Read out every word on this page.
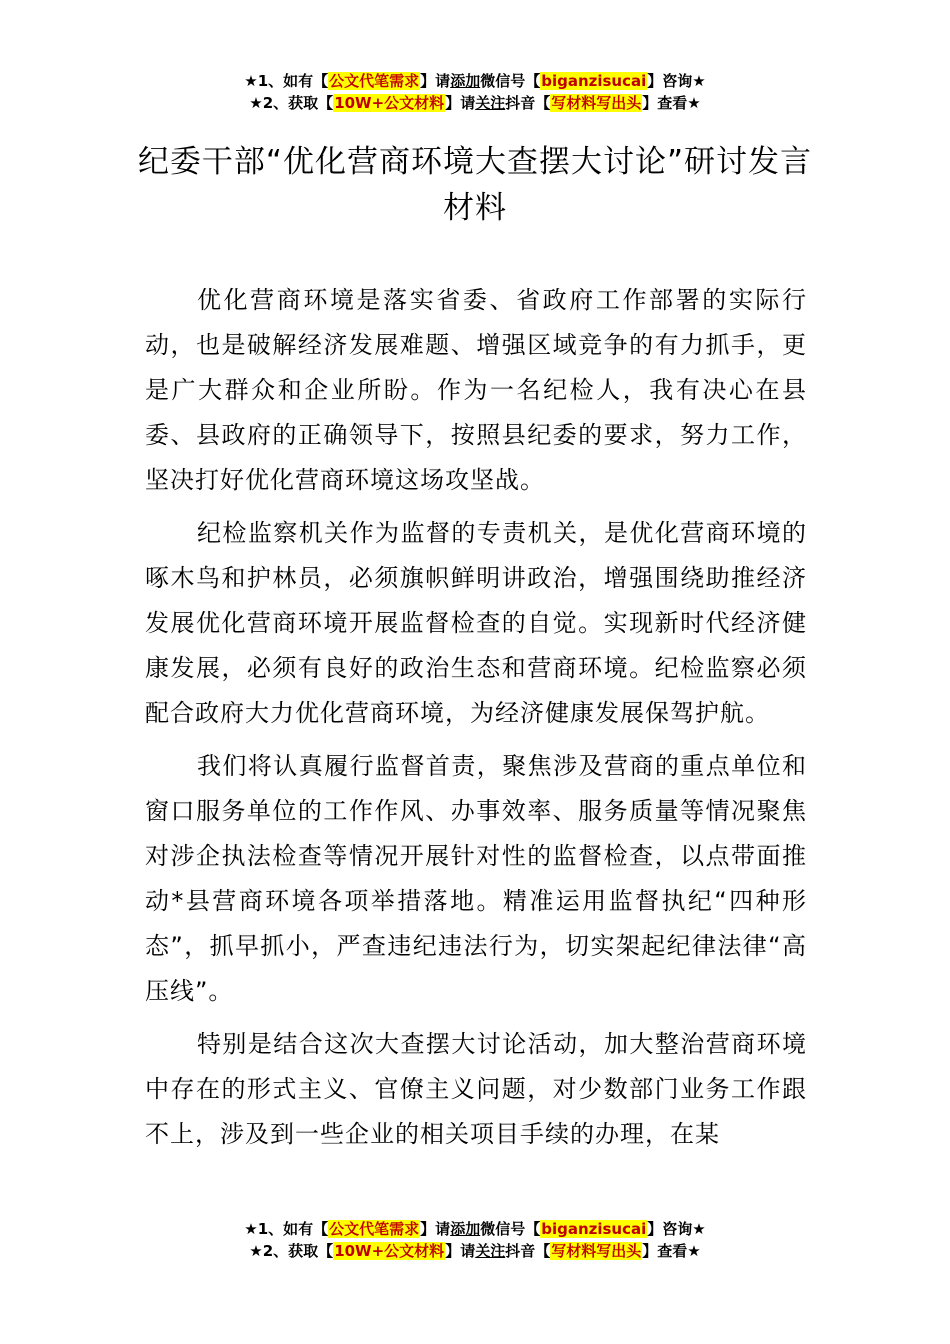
★1、如有【公文代笔需求】请添加微信号【biganzisucai】咨询★
★2、获取【10W+公文材料】请关注抖音【写材料写出头】查看★
纪委干部“优化营商环境大查摆大讨论”研讨发言材料

优化营商环境是落实省委、省政府工作部署的实际行动，也是破解经济发展难题、增强区域竞争的有力抓手，更是广大群众和企业所盼。作为一名纪检人，我有决心在县委、县政府的正确领导下，按照县纪委的要求，努力工作，坚决打好优化营商环境这场攻坚战。

纪检监察机关作为监督的专责机关，是优化营商环境的啄木鸟和护林员，必须旗帜鲜明讲政治，增强围绕助推经济发展优化营商环境开展监督检查的自觉。实现新时代经济健康发展，必须有良好的政治生态和营商环境。纪检监察必须配合政府大力优化营商环境，为经济健康发展保驾护航。

我们将认真履行监督首责，聚焦涉及营商的重点单位和窗口服务单位的工作作风、办事效率、服务质量等情况聚焦对涉企执法检查等情况开展针对性的监督检查，以点带面推动*县营商环境各项举措落地。精准运用监督执纪“四种形态”，抓早抓小，严查违纪违法行为，切实架起纪律法律“高压线”。

特别是结合这次大查摆大讨论活动，加大整治营商环境中存在的形式主义、官僚主义问题，对少数部门业务工作跟不上，涉及到一些企业的相关项目手续的办理，在某

★1、如有【公文代笔需求】请添加微信号【biganzisucai】咨询★
★2、获取【10W+公文材料】请关注抖音【写材料写出头】查看★
